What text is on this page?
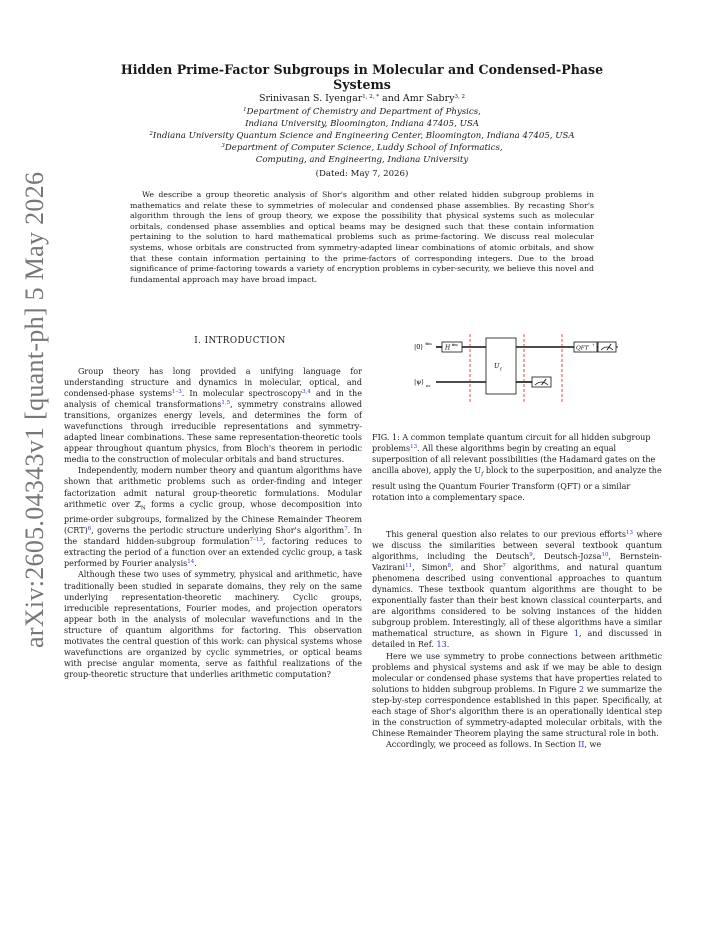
arXiv:2605.04343v1 [quant-ph] 5 May 2026
Hidden Prime-Factor Subgroups in Molecular and Condensed-Phase Systems
Srinivasan S. Iyengar$^{1, 2, *}$ and Amr Sabry$^{3, 2}$
$^1$Department of Chemistry and Department of Physics,
Indiana University, Bloomington, Indiana 47405, USA
$^2$Indiana University Quantum Science and Engineering Center, Bloomington, Indiana 47405, USA
$^3$Department of Computer Science, Luddy School of Informatics,
Computing, and Engineering, Indiana University
(Dated: May 7, 2026)
We describe a group theoretic analysis of Shor's algorithm and other related hidden subgroup problems in mathematics and relate these to symmetries of molecular and condensed phase assemblies. By recasting Shor's algorithm through the lens of group theory, we expose the possibility that physical systems such as molecular orbitals, condensed phase assemblies and optical beams may be designed such that these contain information pertaining to the solution to hard mathematical problems such as prime-factoring. We discuss real molecular systems, whose orbitals are constructed from symmetry-adapted linear combinations of atomic orbitals, and show that these contain information pertaining to the prime-factors of corresponding integers. Due to the broad significance of prime-factoring towards a variety of encryption problems in cyber-security, we believe this novel and fundamental approach may have broad impact.
I. INTRODUCTION

Group theory has long provided a unifying language for understanding structure and dynamics in molecular, optical, and condensed-phase systems$^{1-3}$. In molecular spectroscopy$^{3,4}$ and in the analysis of chemical transformations$^{1,5}$, symmetry constrains allowed transitions, organizes energy levels, and determines the form of wavefunctions through irreducible representations and symmetry-adapted linear combinations. These same representation-theoretic tools appear throughout quantum physics, from Bloch's theorem in periodic media to the construction of molecular orbitals and band structures.

Independently, modern number theory and quantum algorithms have shown that arithmetic problems such as order-finding and integer factorization admit natural group-theoretic formulations. Modular arithmetic over ℤ$_N$ forms a cyclic group, whose decomposition into prime-order subgroups, formalized by the Chinese Remainder Theorem (CRT)$^6$, governs the periodic structure underlying Shor's algorithm$^7$. In the standard hidden-subgroup formulation$^{7-13}$, factoring reduces to extracting the period of a function over an extended cyclic group, a task performed by Fourier analysis$^{14}$.

Although these two uses of symmetry, physical and arithmetic, have traditionally been studied in separate domains, they rely on the same underlying representation-theoretic machinery. Cyclic groups, irreducible representations, Fourier modes, and projection operators appear both in the analysis of molecular wavefunctions and in the structure of quantum algorithms for factoring. This observation motivates the central question of this work: can physical systems whose wavefunctions are organized by cyclic symmetries, or optical beams with precise angular momenta, serve as faithful realizations of the group-theoretic structure that underlies arithmetic computation?

|0⟩ ⊗m
|ψ⟩ ns
H ⊗m
U f
QFT
†
FIG. 1: A common template quantum circuit for all hidden subgroup problems$^{13}$. All these algorithms begin by creating an equal superposition of all relevant possibilities (the Hadamard gates on the ancilla above), apply the $U_f$ block to the superposition, and analyze the result using the Quantum Fourier Transform (QFT) or a similar rotation into a complementary space.

This general question also relates to our previous efforts$^{13}$ where we discuss the similarities between several textbook quantum algorithms, including the Deutsch$^9$, Deutsch-Jozsa$^{10}$, Bernstein-Vazirani$^{11}$, Simon$^8$, and Shor$^7$ algorithms, and natural quantum phenomena described using conventional approaches to quantum dynamics. These textbook quantum algorithms are thought to be exponentially faster than their best known classical counterparts, and are algorithms considered to be solving instances of the hidden subgroup problem. Interestingly, all of these algorithms have a similar mathematical structure, as shown in Figure 1, and discussed in detailed in Ref. 13.

Here we use symmetry to probe connections between arithmetic problems and physical systems and ask if we may be able to design molecular or condensed phase systems that have properties related to solutions to hidden subgroup problems. In Figure 2 we summarize the step-by-step correspondence established in this paper. Specifically, at each stage of Shor's algorithm there is an operationally identical step in the construction of symmetry-adapted molecular orbitals, with the Chinese Remainder Theorem playing the same structural role in both.

Accordingly, we proceed as follows. In Section II, we
